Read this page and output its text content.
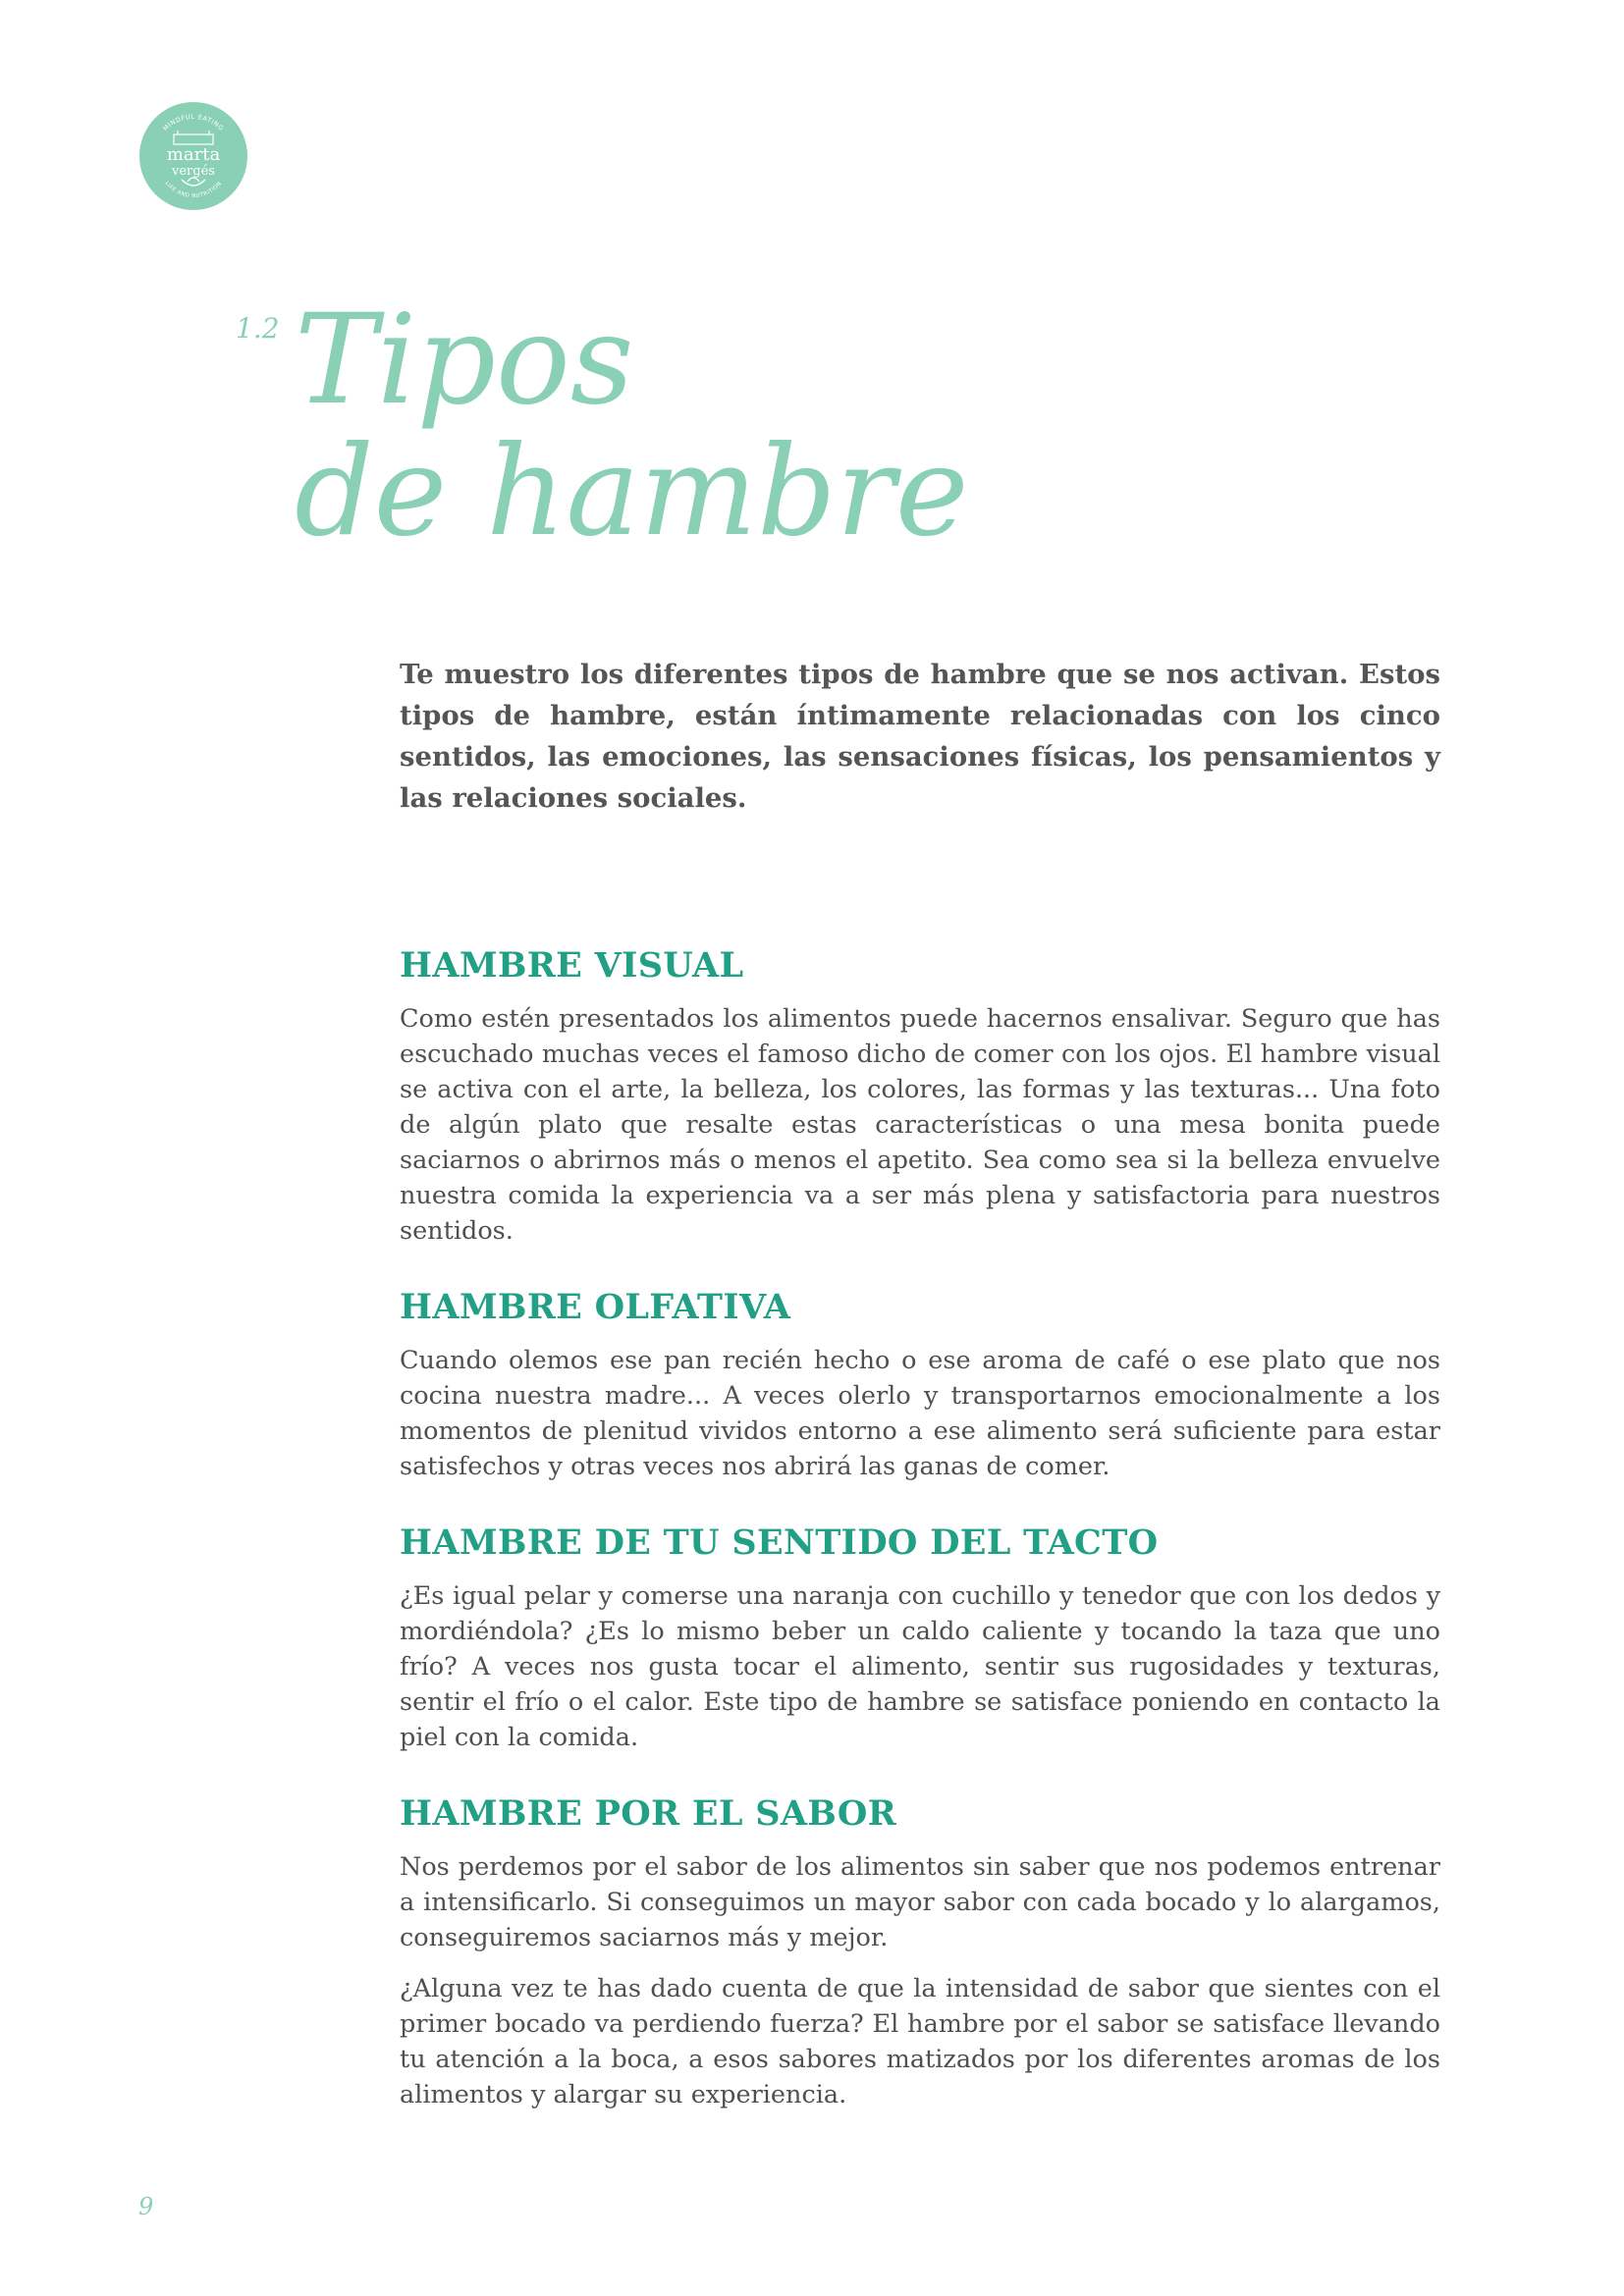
MINDFUL EATING
marta
vergés
LIFE AND NUTRITION
1.2 Tipos
de hambre

Te muestro los diferentes tipos de hambre que se nos activan. Estos tipos de hambre, están íntimamente relacionadas con los cinco sentidos, las emociones, las sensaciones físicas, los pensamientos y las relaciones sociales.

HAMBRE VISUAL

Como estén presentados los alimentos puede hacernos ensalivar. Seguro que has escuchado muchas veces el famoso dicho de comer con los ojos. El hambre visual se activa con el arte, la belleza, los colores, las formas y las texturas... Una foto de algún plato que resalte estas características o una mesa bonita puede saciarnos o abrirnos más o menos el apetito. Sea como sea si la belleza envuelve nuestra comida la experiencia va a ser más plena y satisfactoria para nuestros sentidos.

HAMBRE OLFATIVA

Cuando olemos ese pan recién hecho o ese aroma de café o ese plato que nos cocina nuestra madre... A veces olerlo y transportarnos emocionalmente a los momentos de plenitud vividos entorno a ese alimento será suficiente para estar satisfechos y otras veces nos abrirá las ganas de comer.

HAMBRE DE TU SENTIDO DEL TACTO

¿Es igual pelar y comerse una naranja con cuchillo y tenedor que con los dedos y mordiéndola? ¿Es lo mismo beber un caldo caliente y tocando la taza que uno frío? A veces nos gusta tocar el alimento, sentir sus rugosidades y texturas, sentir el frío o el calor. Este tipo de hambre se satisface poniendo en contacto la piel con la comida.

HAMBRE POR EL SABOR

Nos perdemos por el sabor de los alimentos sin saber que nos podemos entrenar a intensificarlo. Si conseguimos un mayor sabor con cada bocado y lo alargamos, conseguiremos saciarnos más y mejor.

¿Alguna vez te has dado cuenta de que la intensidad de sabor que sientes con el primer bocado va perdiendo fuerza? El hambre por el sabor se satisface llevando tu atención a la boca, a esos sabores matizados por los diferentes aromas de los alimentos y alargar su experiencia.

9
